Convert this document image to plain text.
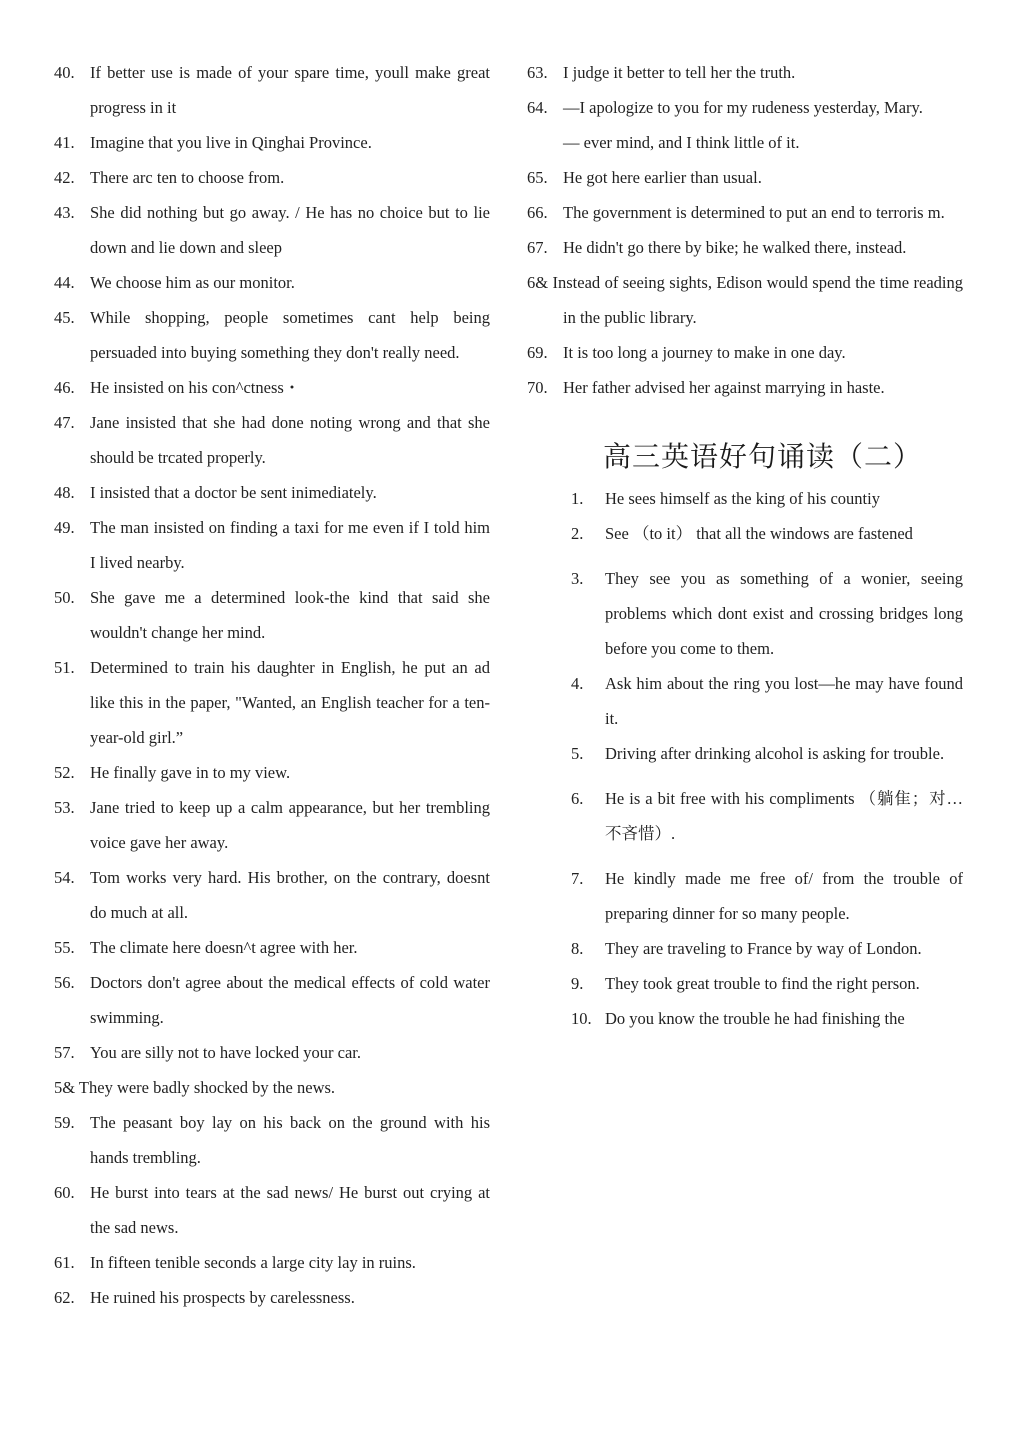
40. If better use is made of your spare time, youll make great progress in it
41. Imagine that you live in Qinghai Province.
42. There arc ten to choose from.
43. She did nothing but go away. / He has no choice but to lie down and lie down and sleep
44. We choose him as our monitor.
45. While shopping, people sometimes cant help being persuaded into buying something they don't really need.
46. He insisted on his con^ctness・
47. Jane insisted that she had done noting wrong and that she should be trcated properly.
48. I insisted that a doctor be sent inimediately.
49. The man insisted on finding a taxi for me even if I told him I lived nearby.
50. She gave me a determined look-the kind that said she wouldn't change her mind.
51. Determined to train his daughter in English, he put an ad like this in the paper, "Wanted, an English teacher for a ten-year-old girl.”
52. He finally gave in to my view.
53. Jane tried to keep up a calm appearance, but her trembling voice gave her away.
54. Tom works very hard. His brother, on the contrary, doesnt do much at all.
55. The climate here doesn^t agree with her.
56. Doctors don't agree about the medical effects of cold water swimming.
57. You are silly not to have locked your car.
5& They were badly shocked by the news.
59. The peasant boy lay on his back on the ground with his hands trembling.
60. He burst into tears at the sad news/ He burst out crying at the sad news.
61. In fifteen tenible seconds a large city lay in ruins.
62. He ruined his prospects by carelessness.
63. I judge it better to tell her the truth.
64. —I apologize to you for my rudeness yesterday, Mary.
— ever mind, and I think little of it.
65. He got here earlier than usual.
66. The government is determined to put an end to terroris m.
67. He didn't go there by bike; he walked there, instead.
6& Instead of seeing sights, Edison would spend the time reading in the public library.
69. It is too long a journey to make in one day.
70. Her father advised her against marrying in haste.
高三英语好句诵读（二）
1.	He sees himself as the king of his countiy
2.	See （to it） that all the windows are fastened
3.	They see you as something of a wonier, seeing problems which dont exist and crossing bridges long before you come to them.
4.	Ask him about the ring you lost—he may have found it.
5.	Driving after drinking alcohol is asking for trouble.
6.	He is a bit free with his compliments （躺隹；对…不吝惜）.
7.	He kindly made me free of/ from the trouble of preparing dinner for so many people.
8.	They are traveling to France by way of London.
9.	They took great trouble to find the right person.
10. Do you know the trouble he had finishing the
